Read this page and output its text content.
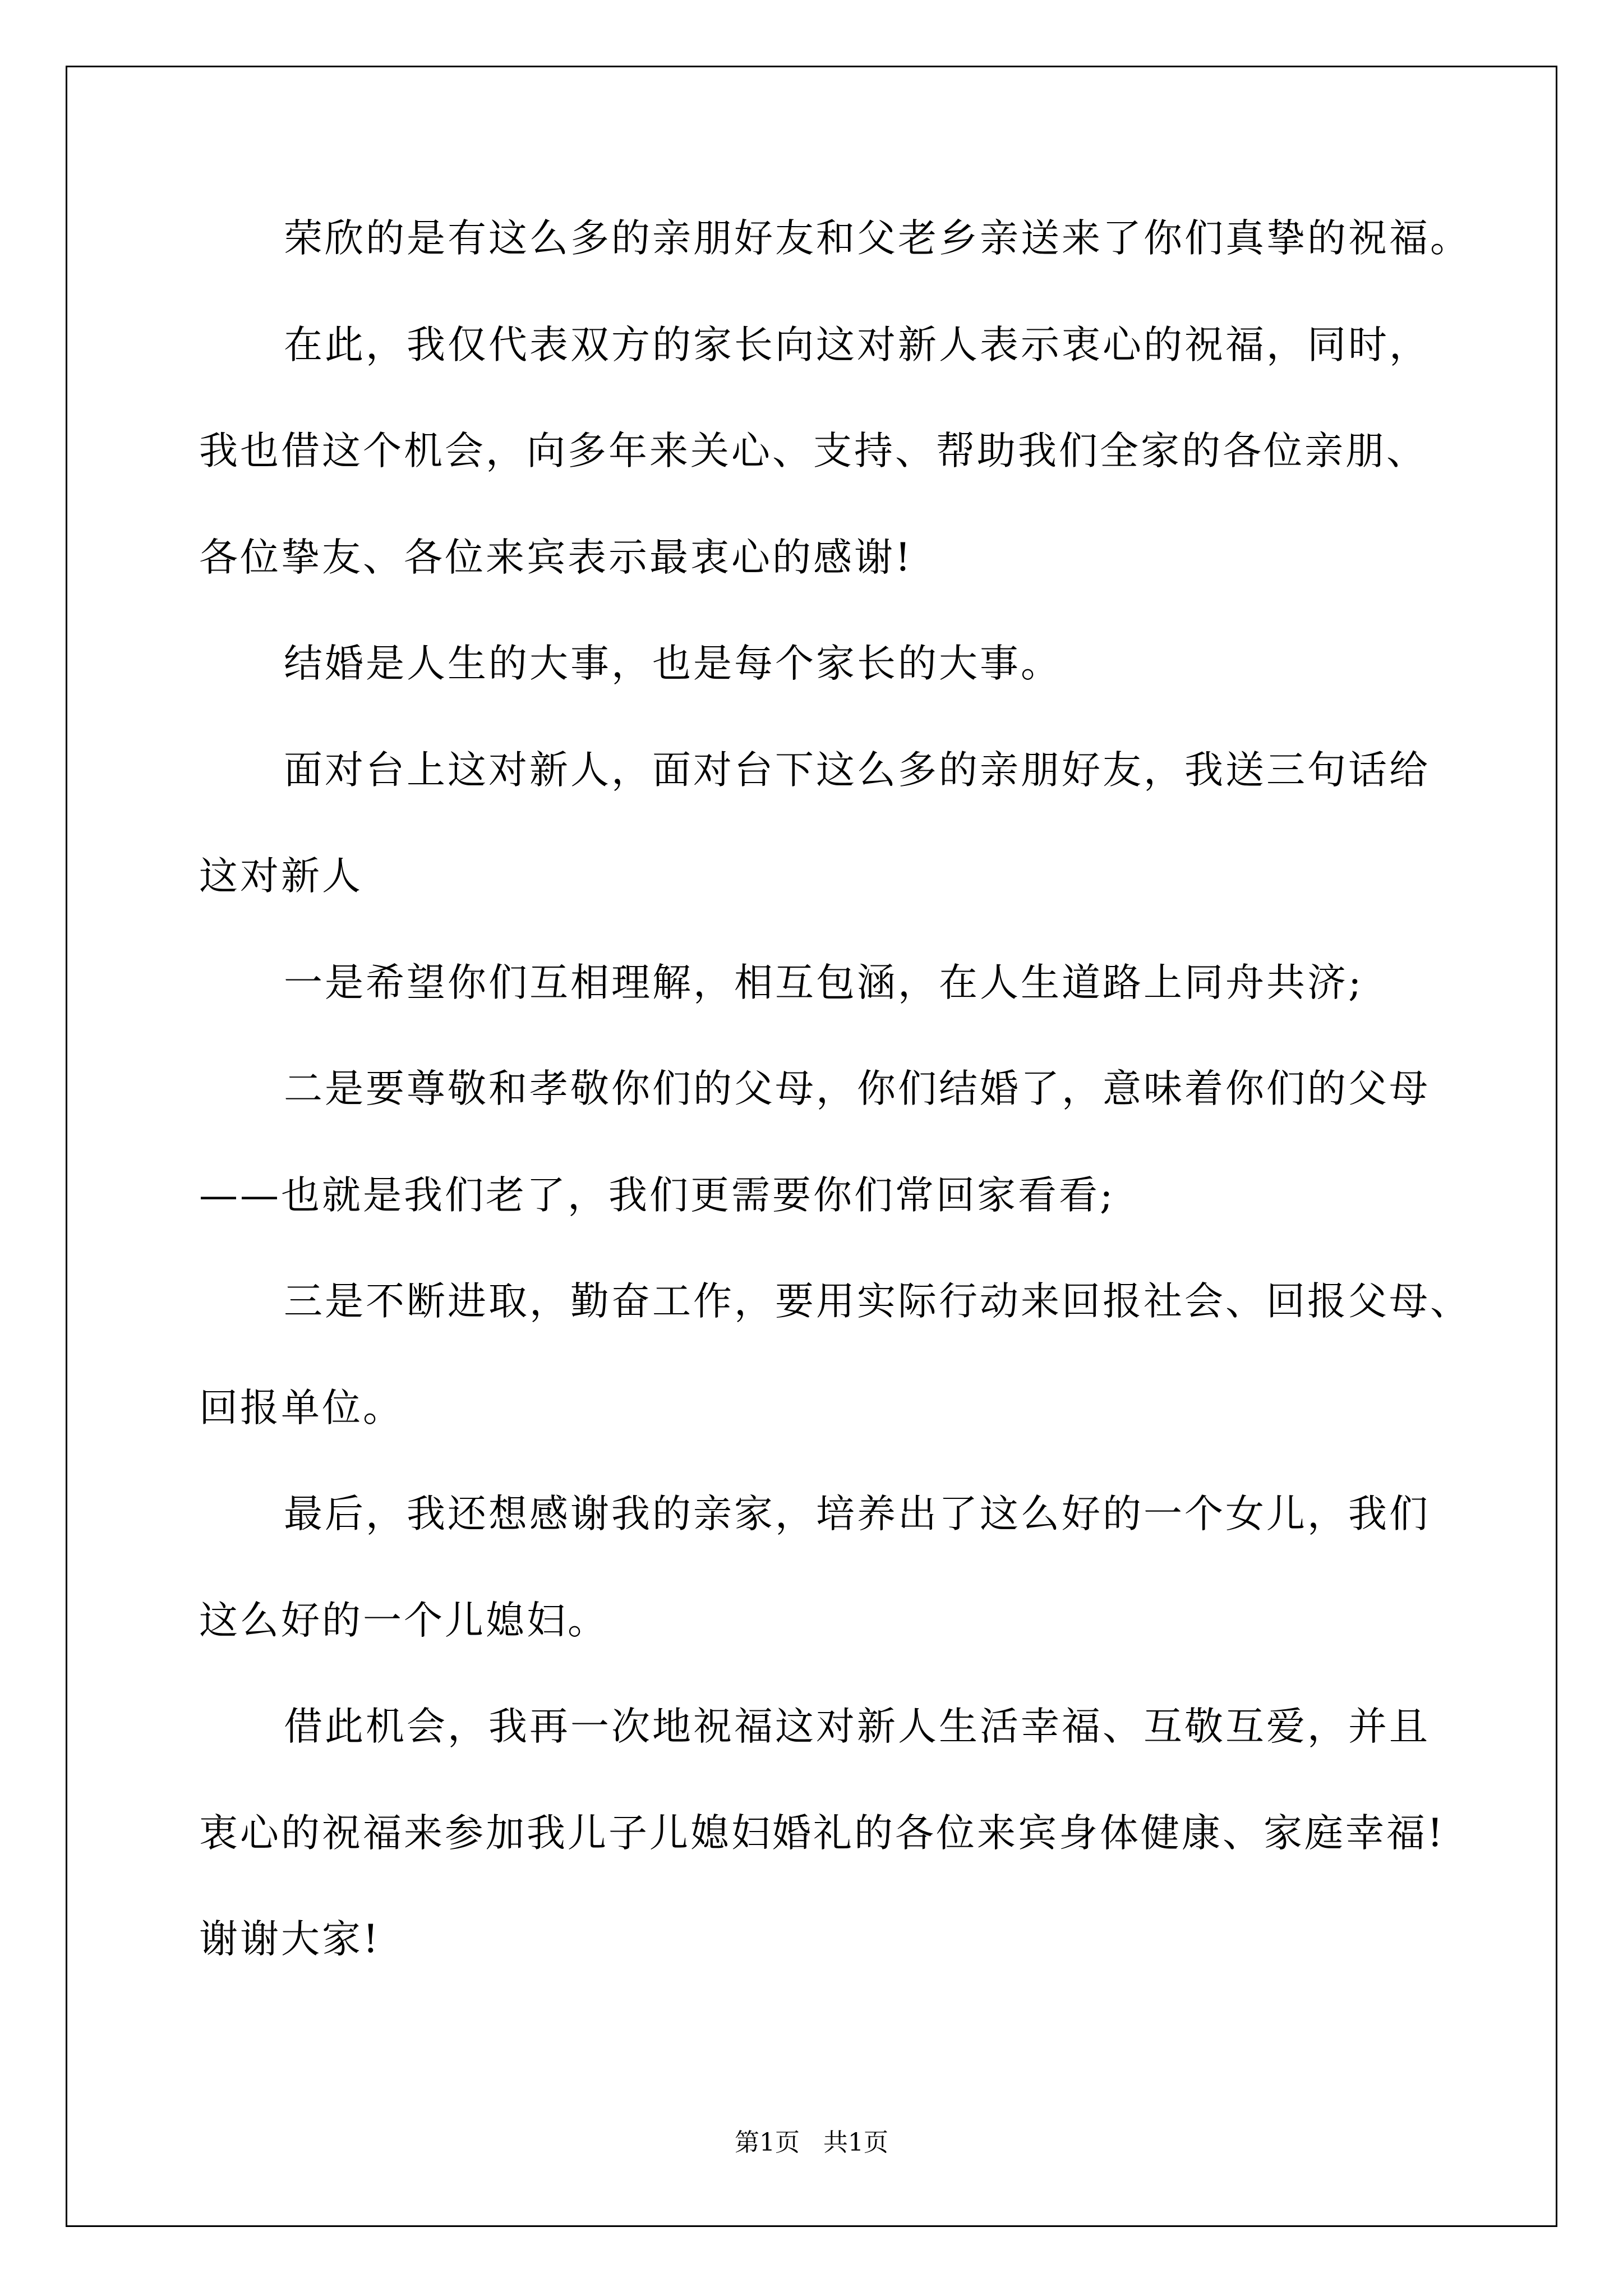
荣欣的是有这么多的亲朋好友和父老乡亲送来了你们真挚的祝福。
在此，我仅代表双方的家长向这对新人表示衷心的祝福，同时，
我也借这个机会，向多年来关心、支持、帮助我们全家的各位亲朋、
各位挚友、各位来宾表示最衷心的感谢!
结婚是人生的大事，也是每个家长的大事。
面对台上这对新人，面对台下这么多的亲朋好友，我送三句话给
这对新人
一是希望你们互相理解，相互包涵，在人生道路上同舟共济;
二是要尊敬和孝敬你们的父母，你们结婚了，意味着你们的父母
——也就是我们老了，我们更需要你们常回家看看;
三是不断进取，勤奋工作，要用实际行动来回报社会、回报父母、
回报单位。
最后，我还想感谢我的亲家，培养出了这么好的一个女儿，我们
这么好的一个儿媳妇。
借此机会，我再一次地祝福这对新人生活幸福、互敬互爱，并且
衷心的祝福来参加我儿子儿媳妇婚礼的各位来宾身体健康、家庭幸福!
谢谢大家!
第1页   共1页
